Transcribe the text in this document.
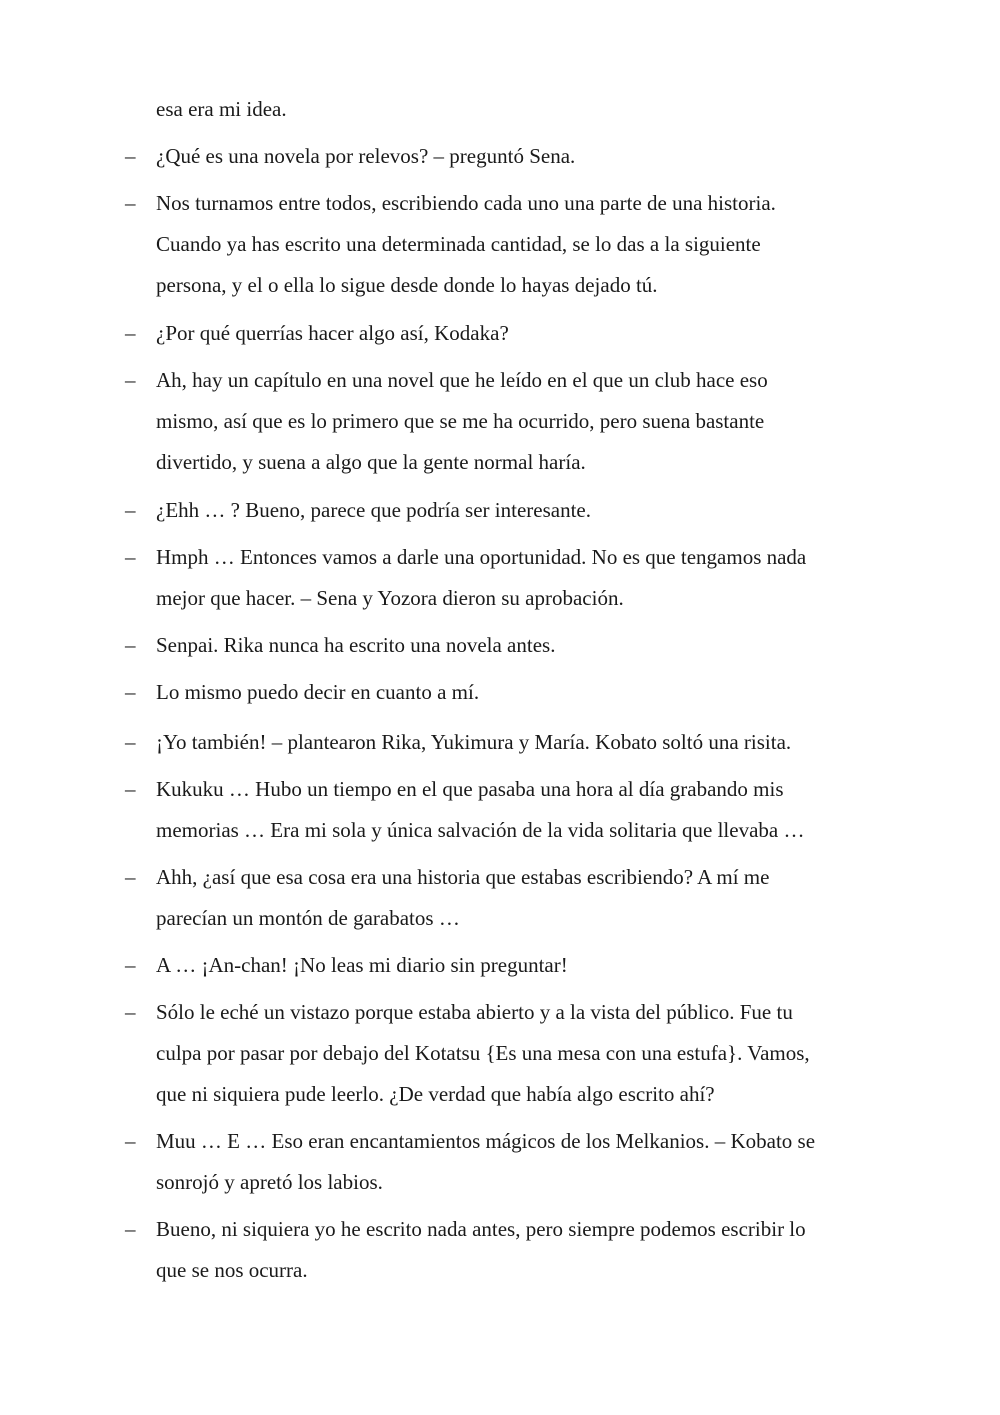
esa era mi idea.
– ¿Qué es una novela por relevos? – preguntó Sena.
– Nos turnamos entre todos, escribiendo cada uno una parte de una historia.
Cuando ya has escrito una determinada cantidad, se lo das a la siguiente
persona, y el o ella lo sigue desde donde lo hayas dejado tú.
– ¿Por qué querrías hacer algo así, Kodaka?
– Ah, hay un capítulo en una novel que he leído en el que un club hace eso
mismo, así que es lo primero que se me ha ocurrido, pero suena bastante
divertido, y suena a algo que la gente normal haría.
– ¿Ehh … ? Bueno, parece que podría ser interesante.
– Hmph … Entonces vamos a darle una oportunidad. No es que tengamos nada
mejor que hacer. – Sena y Yozora dieron su aprobación.
– Senpai. Rika nunca ha escrito una novela antes.
– Lo mismo puedo decir en cuanto a mí.
– ¡Yo también! – plantearon Rika, Yukimura y María. Kobato soltó una risita.
– Kukuku … Hubo un tiempo en el que pasaba una hora al día grabando mis
memorias … Era mi sola y única salvación de la vida solitaria que llevaba …
– Ahh, ¿así que esa cosa era una historia que estabas escribiendo? A mí me
parecían un montón de garabatos …
– A … ¡An-chan! ¡No leas mi diario sin preguntar!
– Sólo le eché un vistazo porque estaba abierto y a la vista del público. Fue tu
culpa por pasar por debajo del Kotatsu {Es una mesa con una estufa}. Vamos,
que ni siquiera pude leerlo. ¿De verdad que había algo escrito ahí?
– Muu … E … Eso eran encantamientos mágicos de los Melkanios. – Kobato se
sonrojó y apretó los labios.
– Bueno, ni siquiera yo he escrito nada antes, pero siempre podemos escribir lo
que se nos ocurra.
